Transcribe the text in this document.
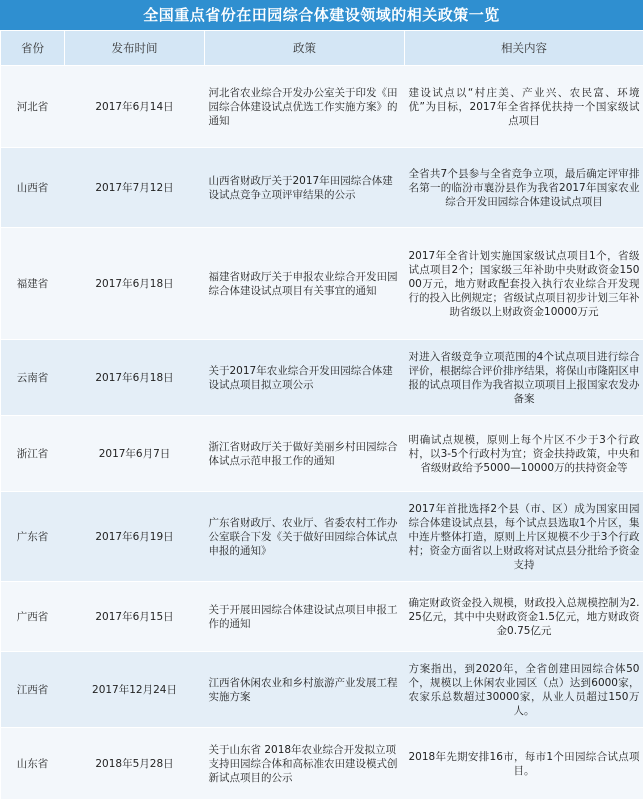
全国重点省份在田园综合体建设领域的相关政策一览
省份	发布时间	政策	相关内容
河北省	2017年6月14日	河北省农业综合开发办公室关于印发《田园综合体建设试点优选工作实施方案》的通知	建设试点以“村庄美、产业兴、农民富、环境优”为目标，2017年全省择优扶持一个国家级试点项目
山西省	2017年7月12日	山西省财政厅关于2017年田园综合体建设试点竞争立项评审结果的公示	全省共7个县参与全省竞争立项，最后确定评审排名第一的临汾市襄汾县作为我省2017年国家农业综合开发田园综合体建设试点项目
福建省	2017年6月18日	福建省财政厅关于申报农业综合开发田园综合体建设试点项目有关事宜的通知	2017年全省计划实施国家级试点项目1个，省级试点项目2个；国家级三年补助中央财政资金15000万元，地方财政配套投入执行农业综合开发现行的投入比例规定；省级试点项目初步计划三年补助省级以上财政资金10000万元
云南省	2017年6月18日	关于2017年农业综合开发田园综合体建设试点项目拟立项公示	对进入省级竞争立项范围的4个试点项目进行综合评价，根据综合评价排序结果，将保山市隆阳区申报的试点项目作为我省拟立项项目上报国家农发办备案
浙江省	2017年6月7日	浙江省财政厅关于做好美丽乡村田园综合体试点示范申报工作的通知	明确试点规模，原则上每个片区不少于3个行政村，以3-5个行政村为宜；资金扶持政策，中央和省级财政给予5000—10000万的扶持资金等
广东省	2017年6月19日	广东省财政厅、农业厅、省委农村工作办公室联合下发《关于做好田园综合体试点申报的通知》	2017年首批选择2个县（市、区）成为国家田园综合体建设试点县，每个试点县选取1个片区，集中连片整体打造，原则上片区规模不少于3个行政村；资金方面省以上财政将对试点县分批给予资金支持
广西省	2017年6月15日	关于开展田园综合体建设试点项目申报工作的通知	确定财政资金投入规模，财政投入总规模控制为2.25亿元，其中中央财政资金1.5亿元，地方财政资金0.75亿元
江西省	2017年12月24日	江西省休闲农业和乡村旅游产业发展工程实施方案	方案指出，到2020年，全省创建田园综合体50个，规模以上休闲农业园区（点）达到6000家，农家乐总数超过30000家，从业人员超过150万人。
山东省	2018年5月28日	关于山东省 2018年农业综合开发拟立项支持田园综合体和高标准农田建设模式创新试点项目的公示	2018年先期安排16市，每市1个田园综合试点项目。
